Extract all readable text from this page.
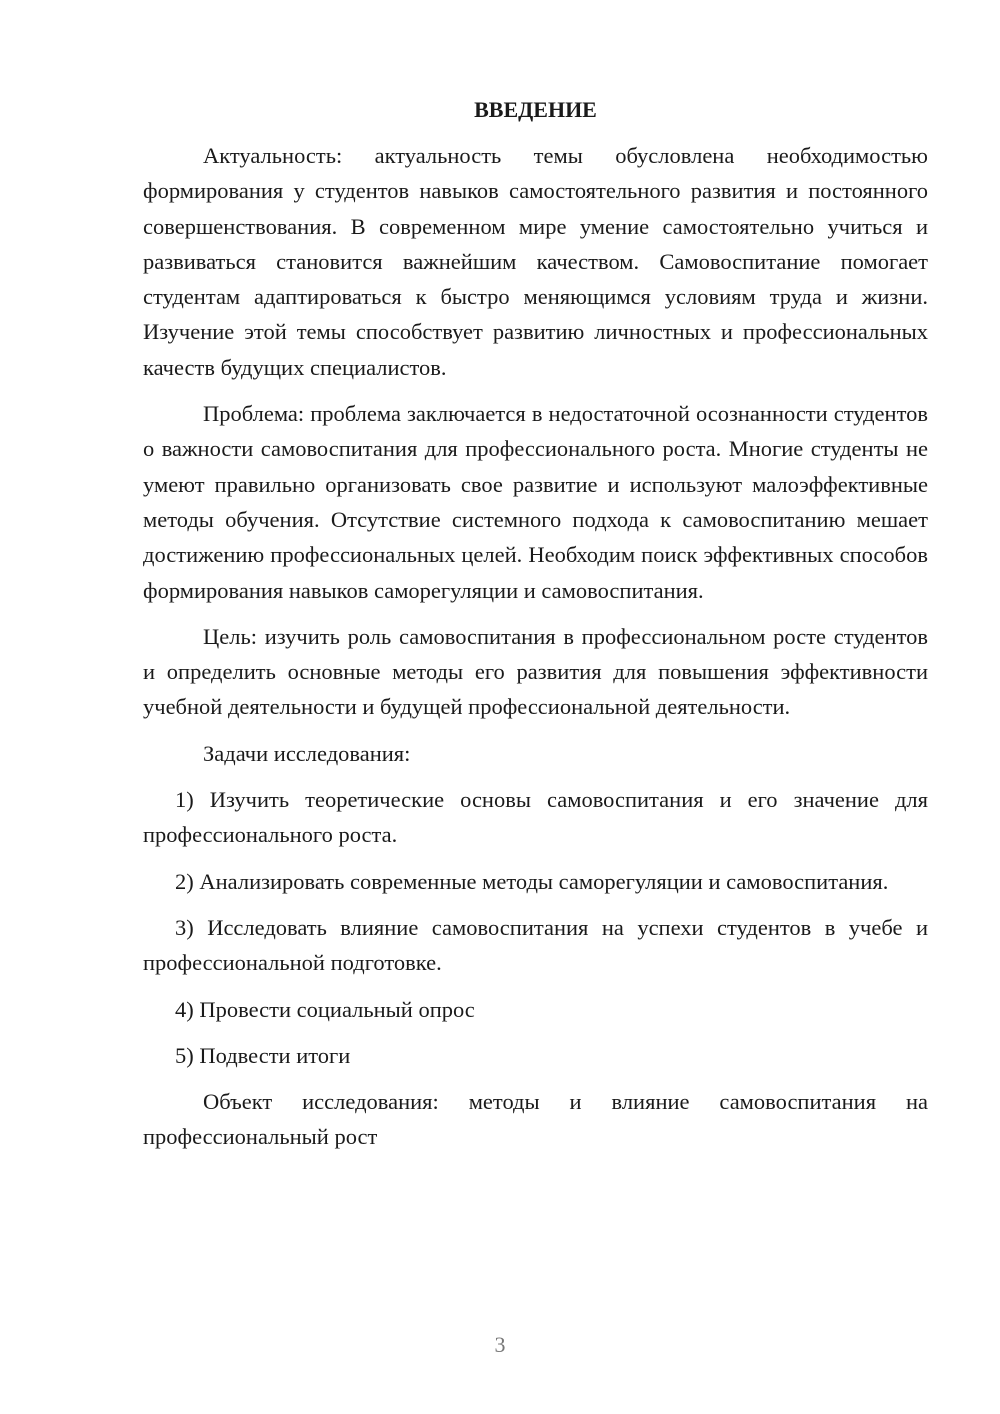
ВВЕДЕНИЕ

Актуальность: актуальность темы обусловлена необходимостью формирования у студентов навыков самостоятельного развития и постоянного совершенствования. В современном мире умение самостоятельно учиться и развиваться становится важнейшим качеством. Самовоспитание помогает студентам адаптироваться к быстро меняющимся условиям труда и жизни. Изучение этой темы способствует развитию личностных и профессиональных качеств будущих специалистов.

Проблема: проблема заключается в недостаточной осознанности студентов о важности самовоспитания для профессионального роста. Многие студенты не умеют правильно организовать свое развитие и используют малоэффективные методы обучения. Отсутствие системного подхода к самовоспитанию мешает достижению профессиональных целей. Необходим поиск эффективных способов формирования навыков саморегуляции и самовоспитания.

Цель: изучить роль самовоспитания в профессиональном росте студентов и определить основные методы его развития для повышения эффективности учебной деятельности и будущей профессиональной деятельности.

Задачи исследования:

1) Изучить теоретические основы самовоспитания и его значение для профессионального роста.

2) Анализировать современные методы саморегуляции и самовоспитания.

3) Исследовать влияние самовоспитания на успехи студентов в учебе и профессиональной подготовке.

4) Провести социальный опрос

5) Подвести итоги

Объект исследования: методы и влияние самовоспитания на профессиональный рост

3
